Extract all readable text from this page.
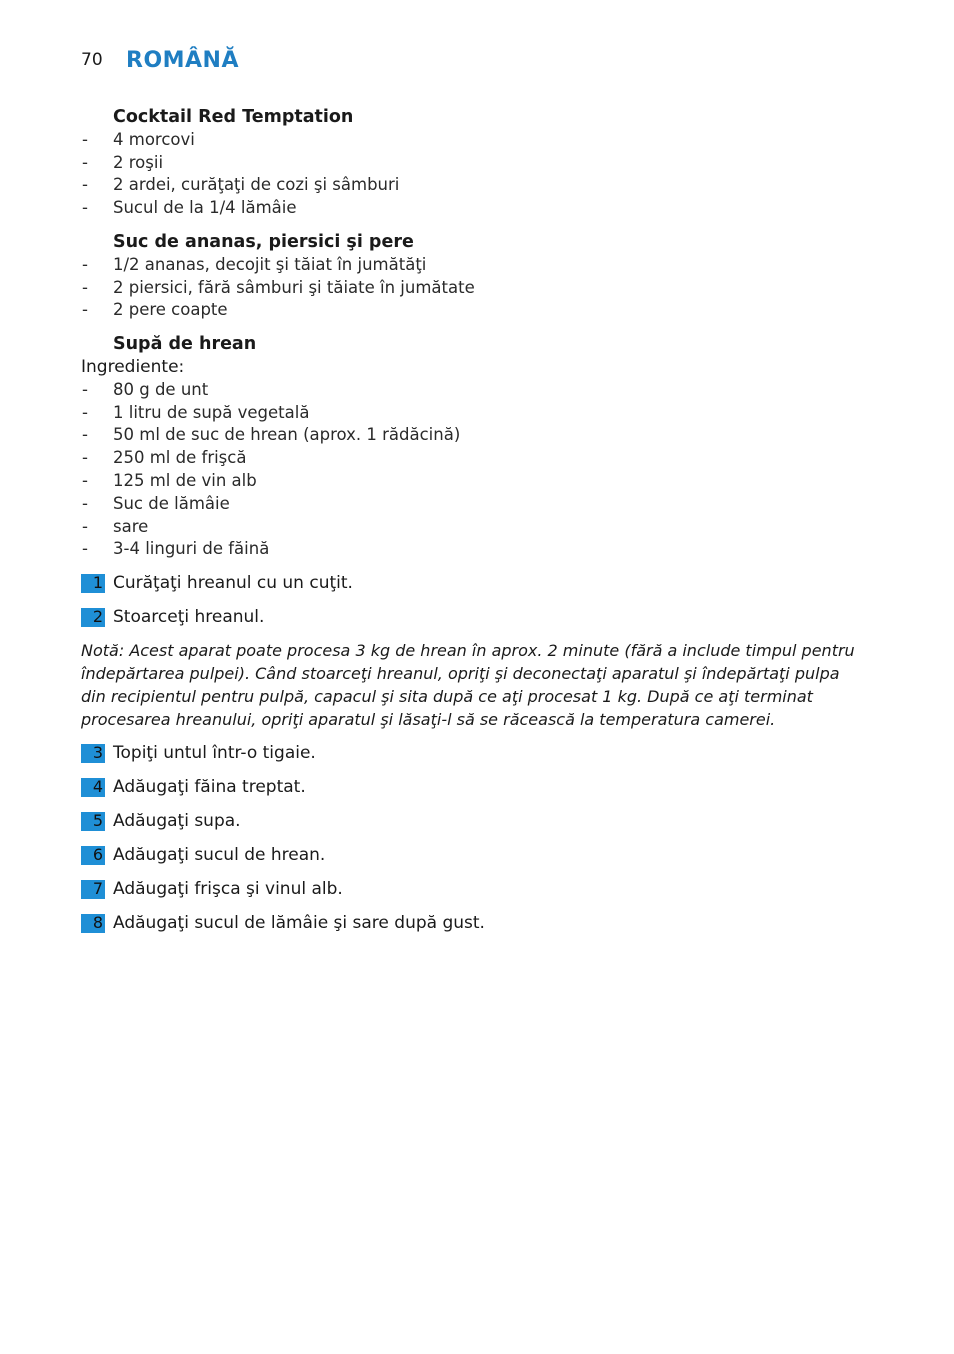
70	ROMÂNĂ
Cocktail Red Temptation
- 4 morcovi
- 2 roşii
- 2 ardei, curăţaţi de cozi şi sâmburi
- Sucul de la 1/4 lămâie
Suc de ananas, piersici şi pere
- 1/2 ananas, decojit şi tăiat în jumătăţi
- 2 piersici, fără sâmburi şi tăiate în jumătate
- 2 pere coapte
Supă de hrean

Ingrediente:

- 80 g de unt
- 1 litru de supă vegetală
- 50 ml de suc de hrean (aprox. 1 rădăcină)
- 250 ml de frişcă
- 125 ml de vin alb
- Suc de lămâie
- sare
- 3-4 linguri de făină
1 Curăţaţi hreanul cu un cuţit.
2 Stoarceţi hreanul.

Notă: Acest aparat poate procesa 3 kg de hrean în aprox. 2 minute (fără a include timpul pentru îndepărtarea pulpei). Când stoarceţi hreanul, opriţi şi deconectaţi aparatul şi îndepărtaţi pulpa din recipientul pentru pulpă, capacul şi sita după ce aţi procesat 1 kg. După ce aţi terminat procesarea hreanului, opriţi aparatul şi lăsaţi-l să se răcească la temperatura camerei.

3 Topiţi untul într-o tigaie.
4 Adăugaţi făina treptat.
5 Adăugaţi supa.
6 Adăugaţi sucul de hrean.
7 Adăugaţi frişca şi vinul alb.
8 Adăugaţi sucul de lămâie şi sare după gust.
